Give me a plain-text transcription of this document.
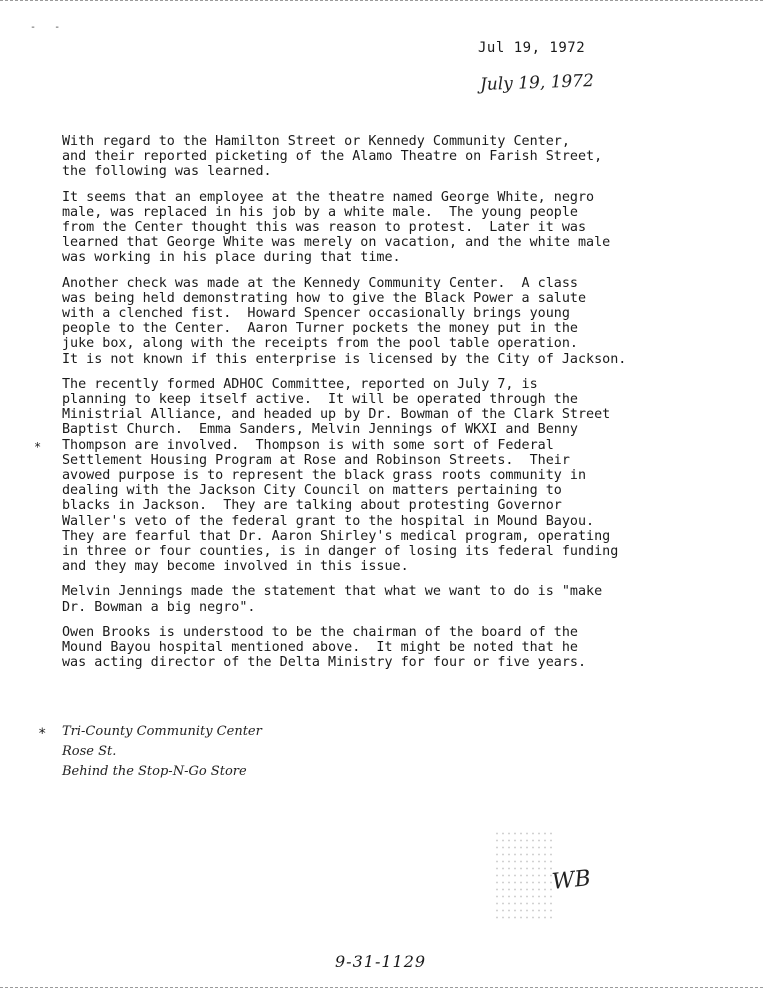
-   -
Jul 19, 1972
July 19, 1972

With regard to the Hamilton Street or Kennedy Community Center,
and their reported picketing of the Alamo Theatre on Farish Street,
the following was learned.

It seems that an employee at the theatre named George White, negro
male, was replaced in his job by a white male.  The young people
from the Center thought this was reason to protest.  Later it was
learned that George White was merely on vacation, and the white male
was working in his place during that time.

Another check was made at the Kennedy Community Center.  A class
was being held demonstrating how to give the Black Power a salute
with a clenched fist.  Howard Spencer occasionally brings young
people to the Center.  Aaron Turner pockets the money put in the
juke box, along with the receipts from the pool table operation.
It is not known if this enterprise is licensed by the City of Jackson.

The recently formed ADHOC Committee, reported on July 7, is
planning to keep itself active.  It will be operated through the
Ministrial Alliance, and headed up by Dr. Bowman of the Clark Street
Baptist Church.  Emma Sanders, Melvin Jennings of WKXI and Benny
Thompson are involved.  Thompson is with some sort of Federal
Settlement Housing Program at Rose and Robinson Streets.  Their
avowed purpose is to represent the black grass roots community in
dealing with the Jackson City Council on matters pertaining to
blacks in Jackson.  They are talking about protesting Governor
Waller's veto of the federal grant to the hospital in Mound Bayou.
They are fearful that Dr. Aaron Shirley's medical program, operating
in three or four counties, is in danger of losing its federal funding
and they may become involved in this issue.

Melvin Jennings made the statement that what we want to do is "make
Dr. Bowman a big negro".

Owen Brooks is understood to be the chairman of the board of the
Mound Bayou hospital mentioned above.  It might be noted that he
was acting director of the Delta Ministry for four or five years.

*
* Tri-County Community Center
Rose St.
Behind the Stop-N-Go Store
WB
9-31-1129
